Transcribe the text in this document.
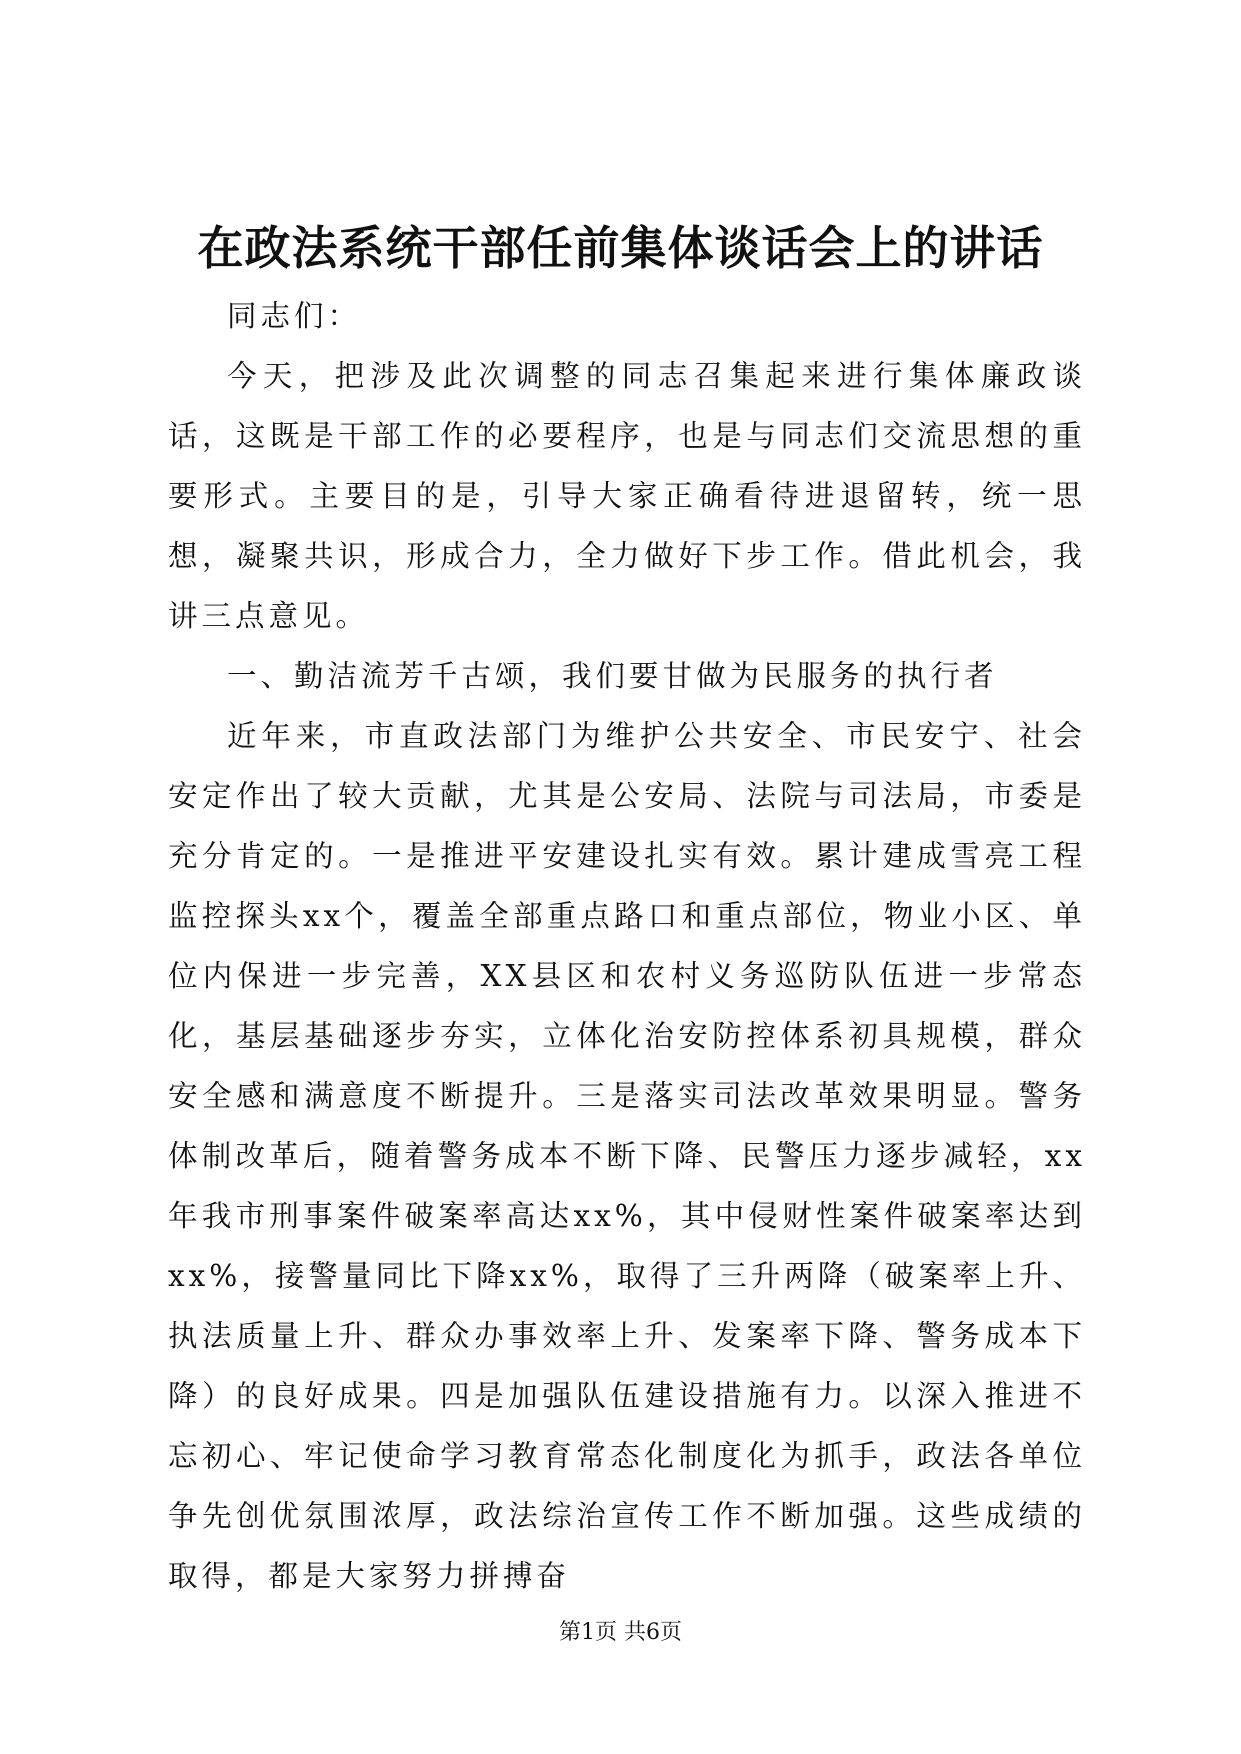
在政法系统干部任前集体谈话会上的讲话

同志们：

今天，把涉及此次调整的同志召集起来进行集体廉政谈话，这既是干部工作的必要程序，也是与同志们交流思想的重要形式。主要目的是，引导大家正确看待进退留转，统一思想，凝聚共识，形成合力，全力做好下步工作。借此机会，我讲三点意见。

一、勤洁流芳千古颂，我们要甘做为民服务的执行者

近年来，市直政法部门为维护公共安全、市民安宁、社会安定作出了较大贡献，尤其是公安局、法院与司法局，市委是充分肯定的。一是推进平安建设扎实有效。累计建成雪亮工程监控探头xx个，覆盖全部重点路口和重点部位，物业小区、单位内保进一步完善，XX县区和农村义务巡防队伍进一步常态化，基层基础逐步夯实，立体化治安防控体系初具规模，群众安全感和满意度不断提升。三是落实司法改革效果明显。警务体制改革后，随着警务成本不断下降、民警压力逐步减轻，xx年我市刑事案件破案率高达xx%，其中侵财性案件破案率达到xx%，接警量同比下降xx%，取得了三升两降（破案率上升、执法质量上升、群众办事效率上升、发案率下降、警务成本下降）的良好成果。四是加强队伍建设措施有力。以深入推进不忘初心、牢记使命学习教育常态化制度化为抓手，政法各单位争先创优氛围浓厚，政法综治宣传工作不断加强。这些成绩的取得，都是大家努力拼搏奋

第1页 共6页
